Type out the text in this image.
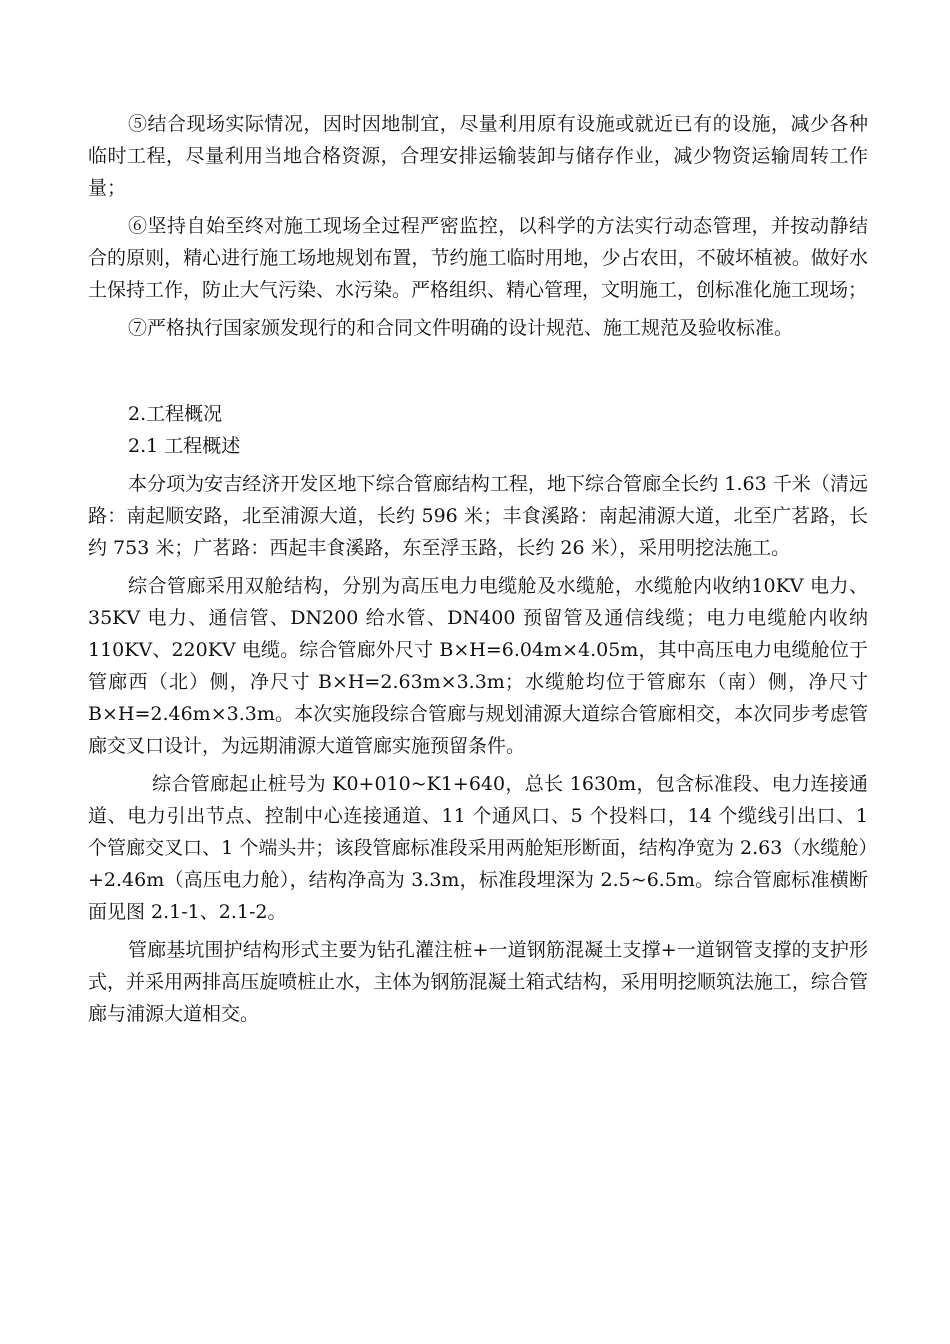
⑤结合现场实际情况，因时因地制宜，尽量利用原有设施或就近已有的设施，减少各种临时工程，尽量利用当地合格资源，合理安排运输装卸与储存作业，减少物资运输周转工作量；

⑥坚持自始至终对施工现场全过程严密监控，以科学的方法实行动态管理，并按动静结合的原则，精心进行施工场地规划布置，节约施工临时用地，少占农田，不破坏植被。做好水土保持工作，防止大气污染、水污染。严格组织、精心管理，文明施工，创标准化施工现场；

⑦严格执行国家颁发现行的和合同文件明确的设计规范、施工规范及验收标准。

2.工程概况

2.1 工程概述

本分项为安吉经济开发区地下综合管廊结构工程，地下综合管廊全长约 1.63 千米（清远路：南起顺安路，北至浦源大道，长约 596 米；丰食溪路：南起浦源大道，北至广茗路，长约 753 米；广茗路：西起丰食溪路，东至浮玉路，长约 26 米），采用明挖法施工。

综合管廊采用双舱结构，分别为高压电力电缆舱及水缆舱，水缆舱内收纳10KV 电力、35KV 电力、通信管、DN200 给水管、DN400 预留管及通信线缆；电力电缆舱内收纳 110KV、220KV 电缆。综合管廊外尺寸 B×H=6.04m×4.05m，其中高压电力电缆舱位于管廊西（北）侧，净尺寸 B×H=2.63m×3.3m；水缆舱均位于管廊东（南）侧，净尺寸 B×H=2.46m×3.3m。本次实施段综合管廊与规划浦源大道综合管廊相交，本次同步考虑管廊交叉口设计，为远期浦源大道管廊实施预留条件。

综合管廊起止桩号为 K0+010~K1+640，总长 1630m，包含标准段、电力连接通道、电力引出节点、控制中心连接通道、11 个通风口、5 个投料口，14 个缆线引出口、1 个管廊交叉口、1 个端头井；该段管廊标准段采用两舱矩形断面，结构净宽为 2.63（水缆舱）+2.46m（高压电力舱），结构净高为 3.3m，标准段埋深为 2.5~6.5m。综合管廊标准横断面见图 2.1-1、2.1-2。

管廊基坑围护结构形式主要为钻孔灌注桩+一道钢筋混凝土支撑+一道钢管支撑的支护形式，并采用两排高压旋喷桩止水，主体为钢筋混凝土箱式结构，采用明挖顺筑法施工，综合管廊与浦源大道相交。
